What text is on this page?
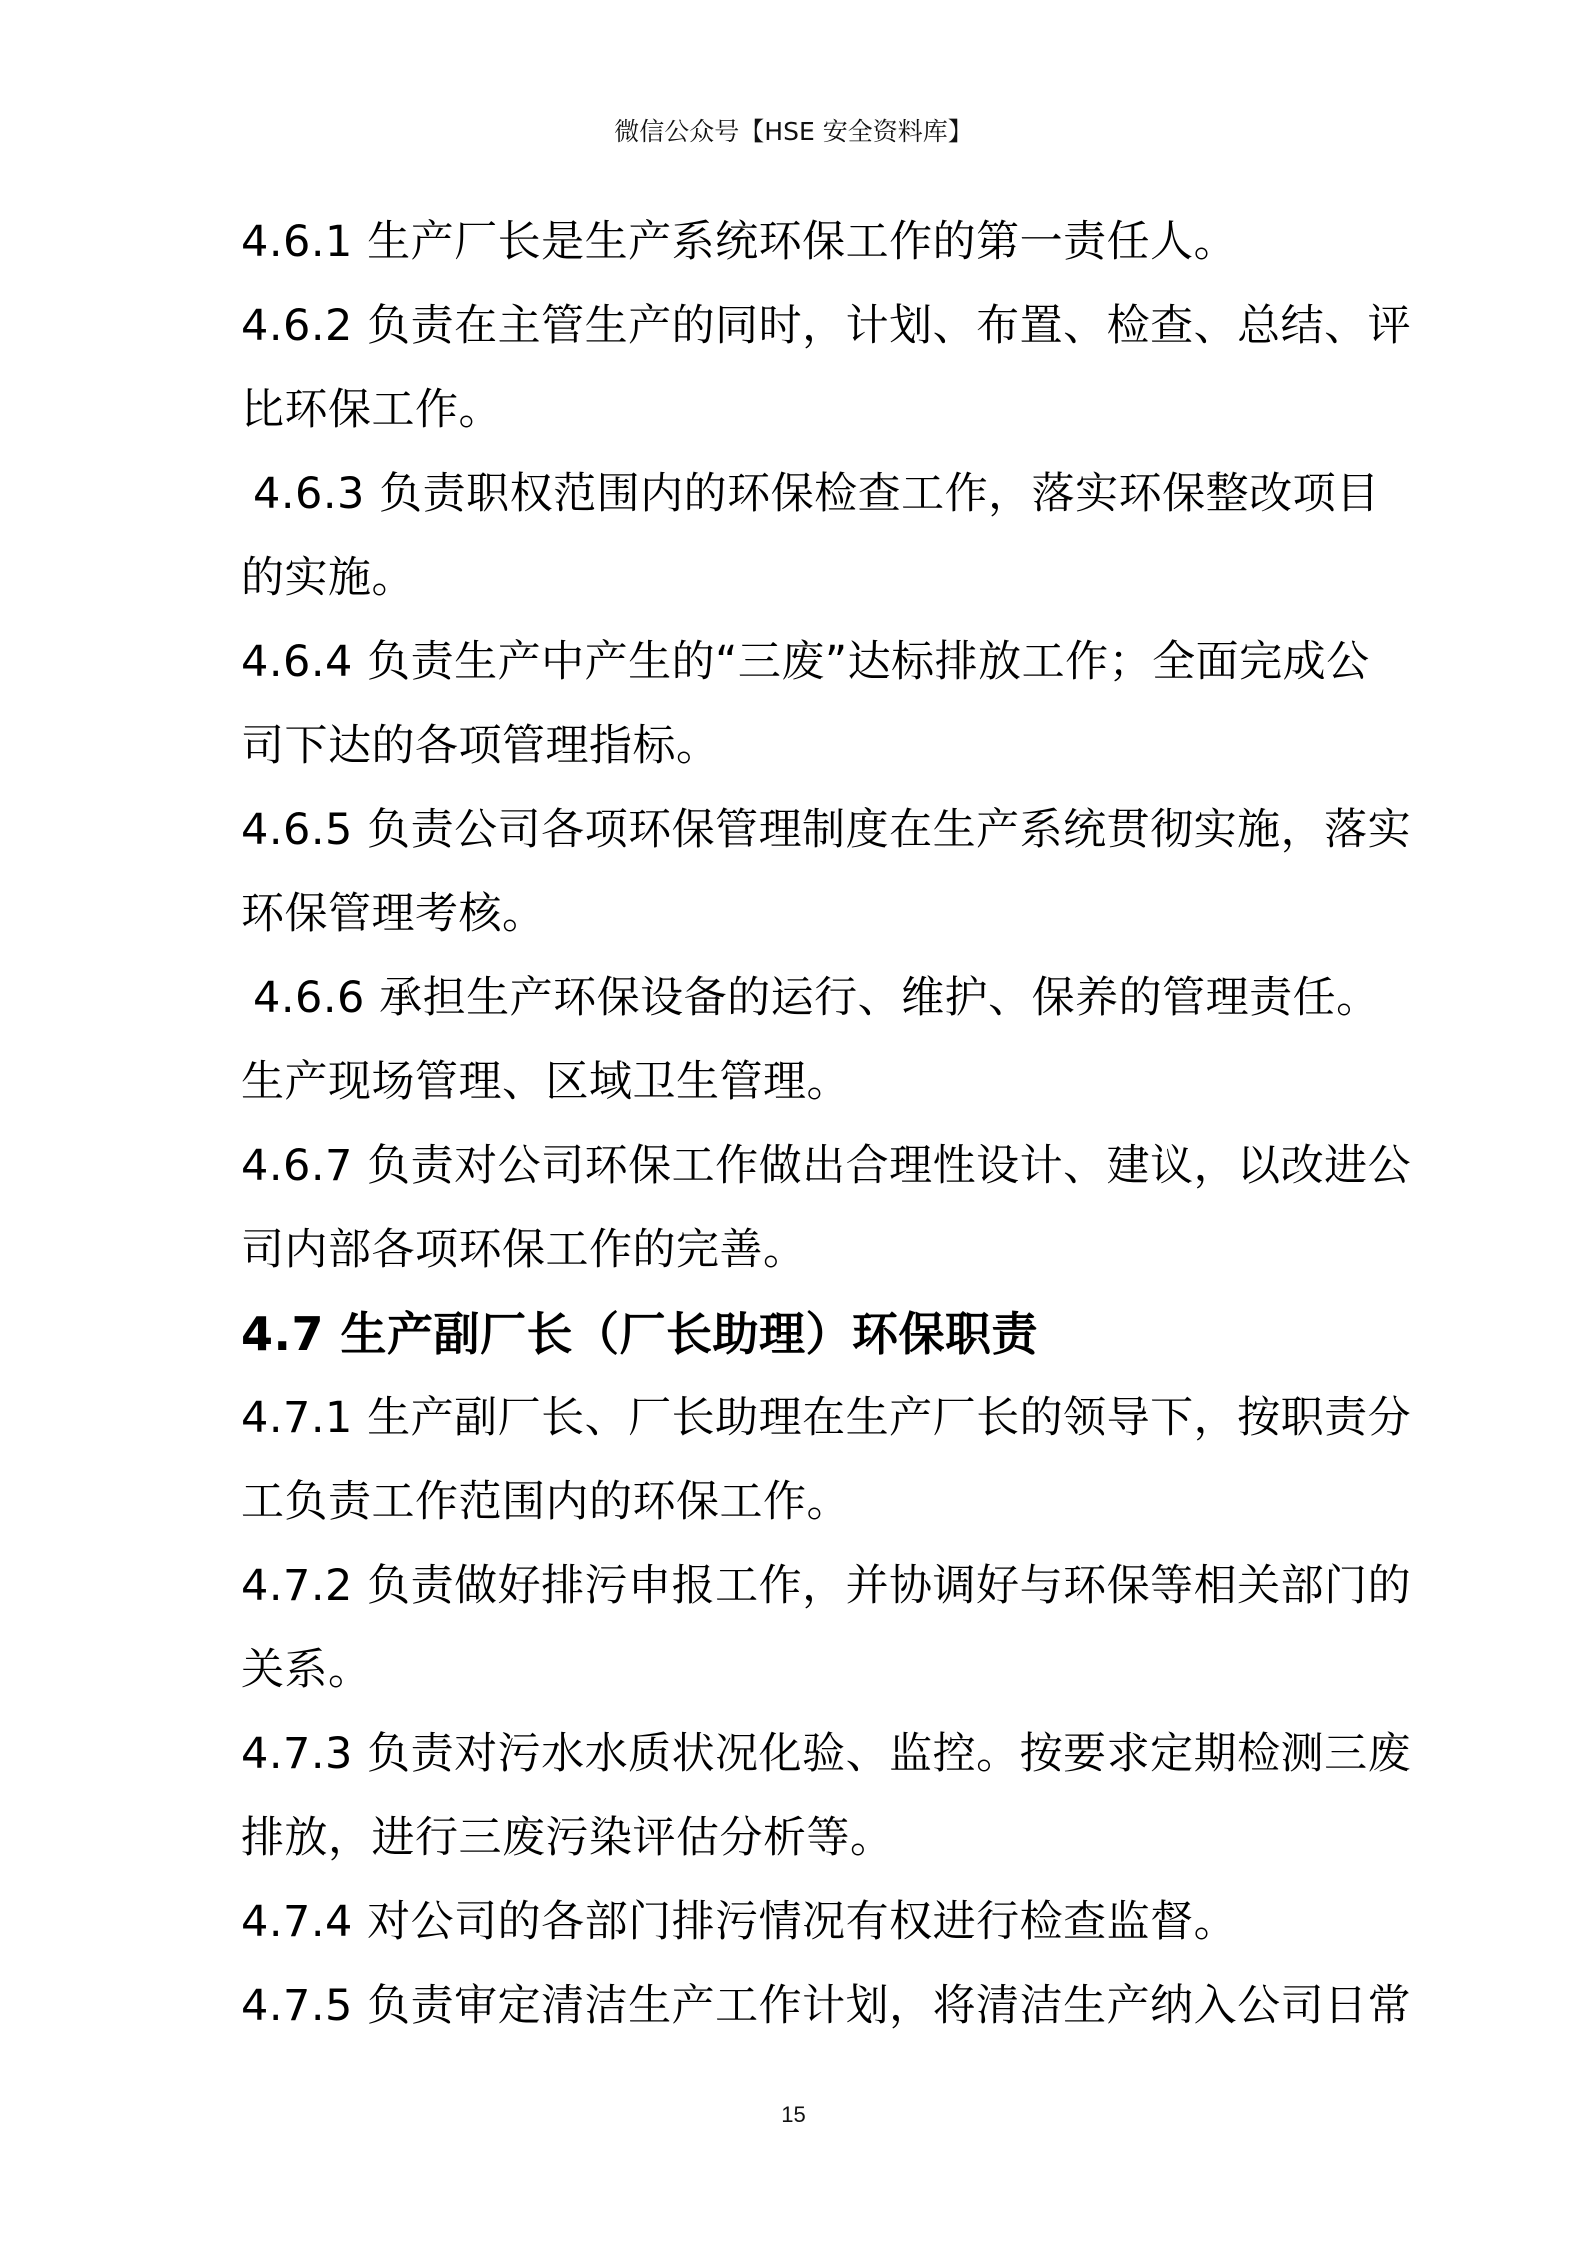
微信公众号【HSE 安全资料库】
4.6.1 生产厂长是生产系统环保工作的第一责任人。
4.6.2 负责在主管生产的同时，计划、布置、检查、总结、评
比环保工作。
4.6.3 负责职权范围内的环保检查工作，落实环保整改项目
的实施。
4.6.4 负责生产中产生的“三废”达标排放工作；全面完成公
司下达的各项管理指标。
4.6.5 负责公司各项环保管理制度在生产系统贯彻实施，落实
环保管理考核。
4.6.6 承担生产环保设备的运行、维护、保养的管理责任。
生产现场管理、区域卫生管理。
4.6.7 负责对公司环保工作做出合理性设计、建议，以改进公
司内部各项环保工作的完善。
4.7 生产副厂长（厂长助理）环保职责
4.7.1 生产副厂长、厂长助理在生产厂长的领导下，按职责分
工负责工作范围内的环保工作。
4.7.2 负责做好排污申报工作，并协调好与环保等相关部门的
关系。
4.7.3 负责对污水水质状况化验、监控。按要求定期检测三废
排放，进行三废污染评估分析等。
4.7.4 对公司的各部门排污情况有权进行检查监督。
4.7.5 负责审定清洁生产工作计划，将清洁生产纳入公司日常
15
